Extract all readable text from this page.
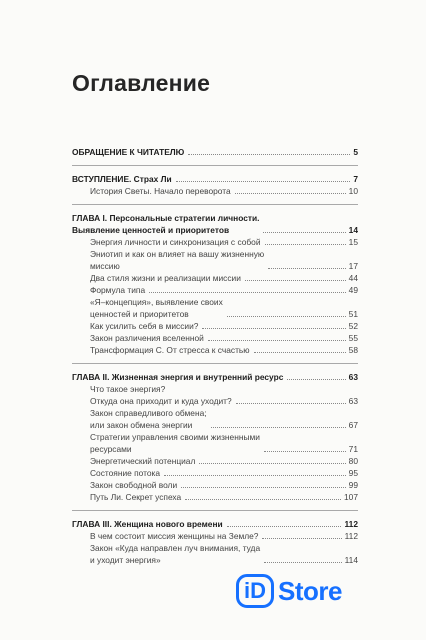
Оглавление
ОБРАЩЕНИЕ К ЧИТАТЕЛЮ	5
ВСТУПЛЕНИЕ. Страх Ли	7
История Светы. Начало переворота	10
ГЛАВА I. Персональные стратегии личности.
Выявление ценностей и приоритетов	14
Энергия личности и синхронизация с собой	15
Эниотип и как он влияет на вашу жизненную
миссию	17
Два стиля жизни и реализации миссии	44
Формула типа	49
«Я–концепция», выявление своих
ценностей и приоритетов	51
Как усилить себя в миссии?	52
Закон различения вселенной	55
Трансформация С. От стресса к счастью	58
ГЛАВА II. Жизненная энергия и внутренний ресурс	63
Что такое энергия?
Откуда она приходит и куда уходит?	63
Закон справедливого обмена;
или закон обмена энергии	67
Стратегии управления своими жизненными
ресурсами	71
Энергетический потенциал	80
Состояние потока	95
Закон свободной воли	99
Путь Ли. Секрет успеха	107
ГЛАВА III. Женщина нового времени	112
В чем состоит миссия женщины на Земле?	112
Закон «Куда направлен луч внимания, туда
и уходит энергия»	114
iD Store
